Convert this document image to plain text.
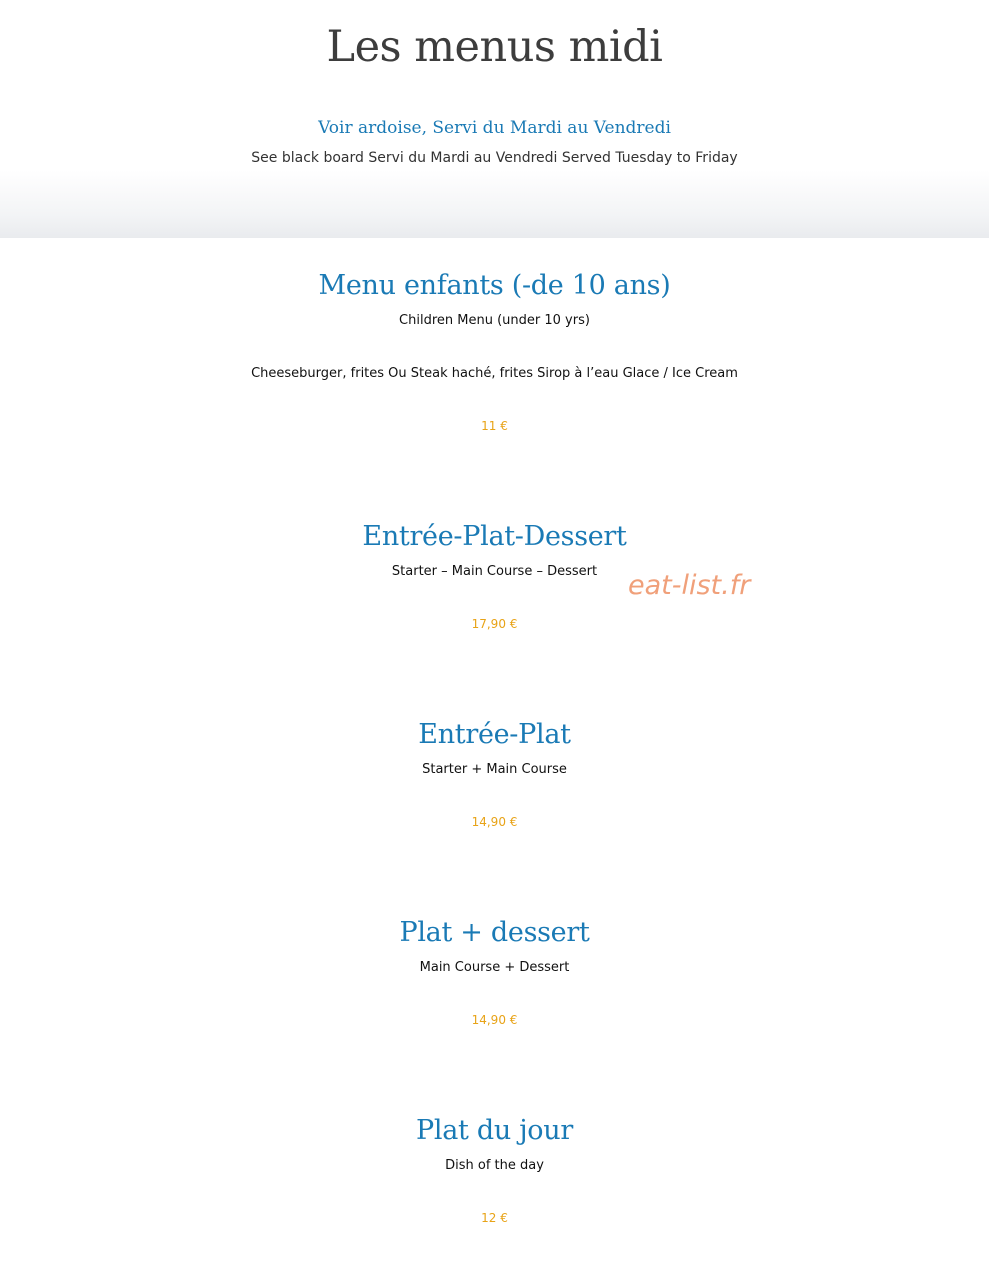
Les menus midi
Voir ardoise, Servi du Mardi au Vendredi
See black board Servi du Mardi au Vendredi Served Tuesday to Friday
Menu enfants (-de 10 ans)
Children Menu (under 10 yrs)
Cheeseburger, frites Ou Steak haché, frites Sirop à l’eau Glace / Ice Cream
11 €
Entrée-Plat-Dessert
Starter – Main Course – Dessert
17,90 €
Entrée-Plat
Starter + Main Course
14,90 €
Plat + dessert
Main Course + Dessert
14,90 €
Plat du jour
Dish of the day
12 €
eat-list.fr
